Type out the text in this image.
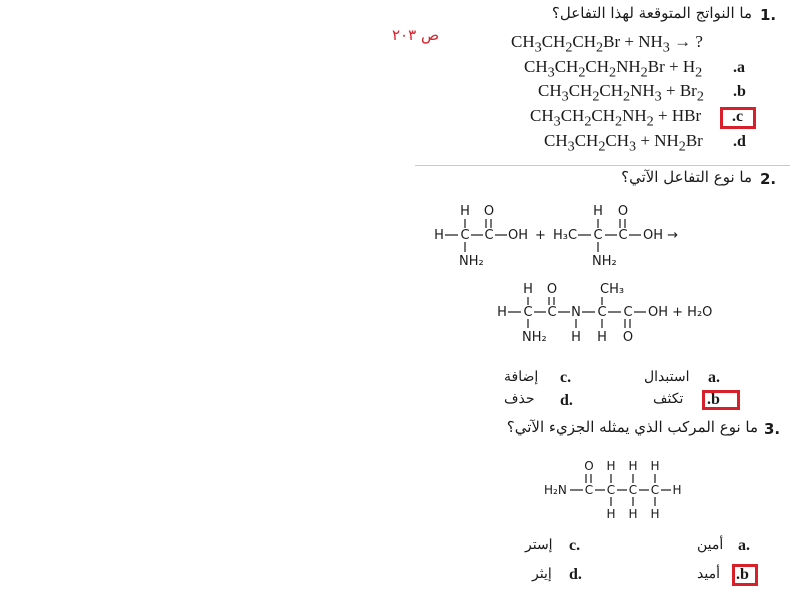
ص ٢٠٣
1.
ما النواتج المتوقعة لهذا التفاعل؟
$CH_3CH_2CH_2Br + NH_3$ → ?
$CH_3CH_2CH_2NH_2Br + H_2$ .a
$CH_3CH_2CH_2NH_3 + Br_2$ .b
$CH_3CH_2CH_2NH_2$ + HBr .c
$CH_3CH_2CH_3 + NH_2Br$ .d
2.
ما نوع التفاعل الآتي؟
H O
H C C OH +
NH₂
H O
H₃C C C OH →
NH₂
H O	CH₃
H C C N C C OH + H₂O
NH₂ H H O
a.
استبدال
c.
إضافة
.b
تكثف
d.
حذف
3.
ما نوع المركب الذي يمثله الجزيء الآتي؟
O H H H
H₂N C C C C H
H H H
a.
أمين
c.
إستر
.b
أميد
d.
إيثر
